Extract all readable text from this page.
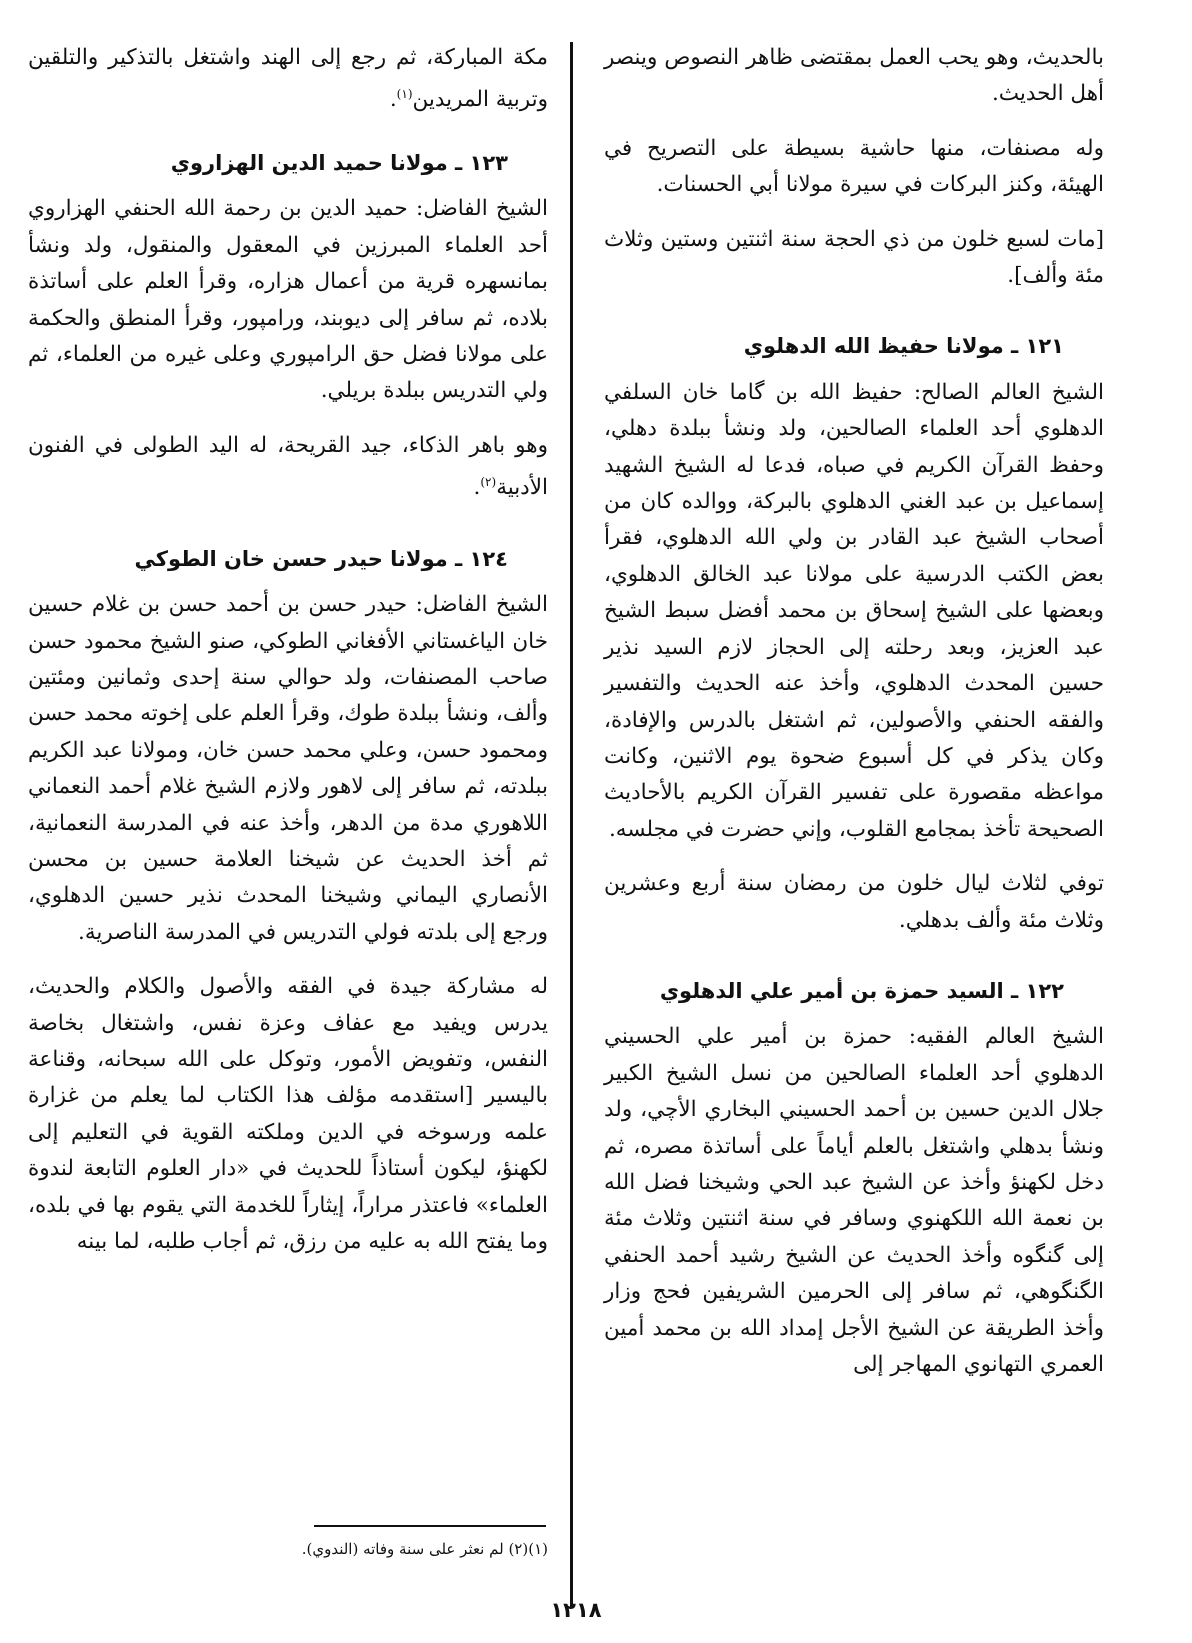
بالحديث، وهو يحب العمل بمقتضى ظاهر النصوص وينصر أهل الحديث.

وله مصنفات، منها حاشية بسيطة على التصريح في الهيئة، وكنز البركات في سيرة مولانا أبي الحسنات.

[مات لسبع خلون من ذي الحجة سنة اثنتين وستين وثلاث مئة وألف].

١٢١ ـ مولانا حفيظ الله الدهلوي

الشيخ العالم الصالح: حفيظ الله بن گاما خان السلفي الدهلوي أحد العلماء الصالحين، ولد ونشأ ببلدة دهلي، وحفظ القرآن الكريم في صباه، فدعا له الشيخ الشهيد إسماعيل بن عبد الغني الدهلوي بالبركة، ووالده كان من أصحاب الشيخ عبد القادر بن ولي الله الدهلوي، فقرأ بعض الكتب الدرسية على مولانا عبد الخالق الدهلوي، وبعضها على الشيخ إسحاق بن محمد أفضل سبط الشيخ عبد العزيز، وبعد رحلته إلى الحجاز لازم السيد نذير حسين المحدث الدهلوي، وأخذ عنه الحديث والتفسير والفقه الحنفي والأصولين، ثم اشتغل بالدرس والإفادة، وكان يذكر في كل أسبوع ضحوة يوم الاثنين، وكانت مواعظه مقصورة على تفسير القرآن الكريم بالأحاديث الصحيحة تأخذ بمجامع القلوب، وإني حضرت في مجلسه.

توفي لثلاث ليال خلون من رمضان سنة أربع وعشرين وثلاث مئة وألف بدهلي.

١٢٢ ـ السيد حمزة بن أمير علي الدهلوي

الشيخ العالم الفقيه: حمزة بن أمير علي الحسيني الدهلوي أحد العلماء الصالحين من نسل الشيخ الكبير جلال الدين حسين بن أحمد الحسيني البخاري الأچي، ولد ونشأ بدهلي واشتغل بالعلم أياماً على أساتذة مصره، ثم دخل لكهنؤ وأخذ عن الشيخ عبد الحي وشيخنا فضل الله بن نعمة الله اللكهنوي وسافر في سنة اثنتين وثلاث مئة إلى گنگوه وأخذ الحديث عن الشيخ رشيد أحمد الحنفي الگنگوهي، ثم سافر إلى الحرمين الشريفين فحج وزار وأخذ الطريقة عن الشيخ الأجل إمداد الله بن محمد أمين العمري التهانوي المهاجر إلى

مكة المباركة، ثم رجع إلى الهند واشتغل بالتذكير والتلقين وتربية المريدين$^{(١)}$.

١٢٣ ـ مولانا حميد الدين الهزاروي

الشيخ الفاضل: حميد الدين بن رحمة الله الحنفي الهزاروي أحد العلماء المبرزين في المعقول والمنقول، ولد ونشأ بمانسهره قرية من أعمال هزاره، وقرأ العلم على أساتذة بلاده، ثم سافر إلى ديوبند، ورامپور، وقرأ المنطق والحكمة على مولانا فضل حق الرامپوري وعلى غيره من العلماء، ثم ولي التدريس ببلدة بريلي.

وهو باهر الذكاء، جيد القريحة، له اليد الطولى في الفنون الأدبية$^{(٢)}$.

١٢٤ ـ مولانا حيدر حسن خان الطوكي

الشيخ الفاضل: حيدر حسن بن أحمد حسن بن غلام حسين خان الياغستاني الأفغاني الطوكي، صنو الشيخ محمود حسن صاحب المصنفات، ولد حوالي سنة إحدى وثمانين ومئتين وألف، ونشأ ببلدة طوك، وقرأ العلم على إخوته محمد حسن ومحمود حسن، وعلي محمد حسن خان، ومولانا عبد الكريم ببلدته، ثم سافر إلى لاهور ولازم الشيخ غلام أحمد النعماني اللاهوري مدة من الدهر، وأخذ عنه في المدرسة النعمانية، ثم أخذ الحديث عن شيخنا العلامة حسين بن محسن الأنصاري اليماني وشيخنا المحدث نذير حسين الدهلوي، ورجع إلى بلدته فولي التدريس في المدرسة الناصرية.

له مشاركة جيدة في الفقه والأصول والكلام والحديث، يدرس ويفيد مع عفاف وعزة نفس، واشتغال بخاصة النفس، وتفويض الأمور، وتوكل على الله سبحانه، وقناعة باليسير [استقدمه مؤلف هذا الكتاب لما يعلم من غزارة علمه ورسوخه في الدين وملكته القوية في التعليم إلى لكهنؤ، ليكون أستاذاً للحديث في «دار العلوم التابعة لندوة العلماء» فاعتذر مراراً، إيثاراً للخدمة التي يقوم بها في بلده، وما يفتح الله به عليه من رزق، ثم أجاب طلبه، لما بينه

(١)(٢) لم نعثر على سنة وفاته (الندوي).
١٢١٨
